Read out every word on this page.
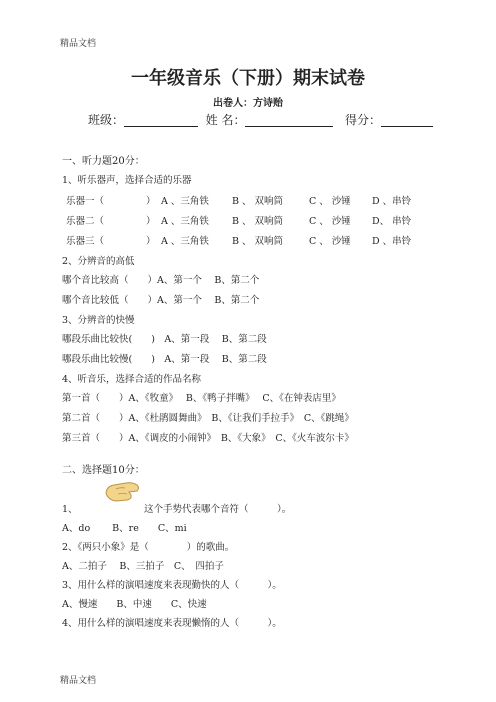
精品文档
一年级音乐（下册）期末试卷
出卷人：方诗贻
班级：	姓 名：	得分：
一、听力题20分：
1、听乐器声，选择合适的乐器
乐器一（	） A 、三角铁 B 、 双响筒	C 、 沙锤 D 、串铃
乐器二（	） A 、三角铁 B 、 双响筒	C 、 沙锤 D、 串铃
乐器三（	） A 、三角铁 B 、 双响筒	C 、 沙锤 D 、串铃
2、分辨音的高低
哪个音比较高（　　）A、第一个　 B、第二个
哪个音比较低（　　）A、第一个　 B、第二个
3、分辨音的快慢
哪段乐曲比较快(　　)　A、第一段　 B、第二段
哪段乐曲比较慢(　　)　A、第一段　 B、第二段
4、听音乐，选择合适的作品名称
第一首（　　）A、《牧童》　 B、《鸭子拌嘴》　 C、《在钟表店里》
第二首（　　）A、《杜鹃圆舞曲》　B、《让我们手拉手》　C、《跳绳》
第三首（　　）A、《调皮的小闹钟》　B、《大象》　C、《火车波尔卡》
二、选择题10分：
1、	这个手势代表哪个音符（　　　）。
A、do　　 B、re　　C、mi
2、《两只小象》是（　　　　）的歌曲。
A、二拍子　 B、三拍子　C、　四拍子
3、用什么样的演唱速度来表现勤快的人（　　　）。
A、慢速　　B、中速　　C、快速
4、用什么样的演唱速度来表现懒惰的人（　　　）。
精品文档
